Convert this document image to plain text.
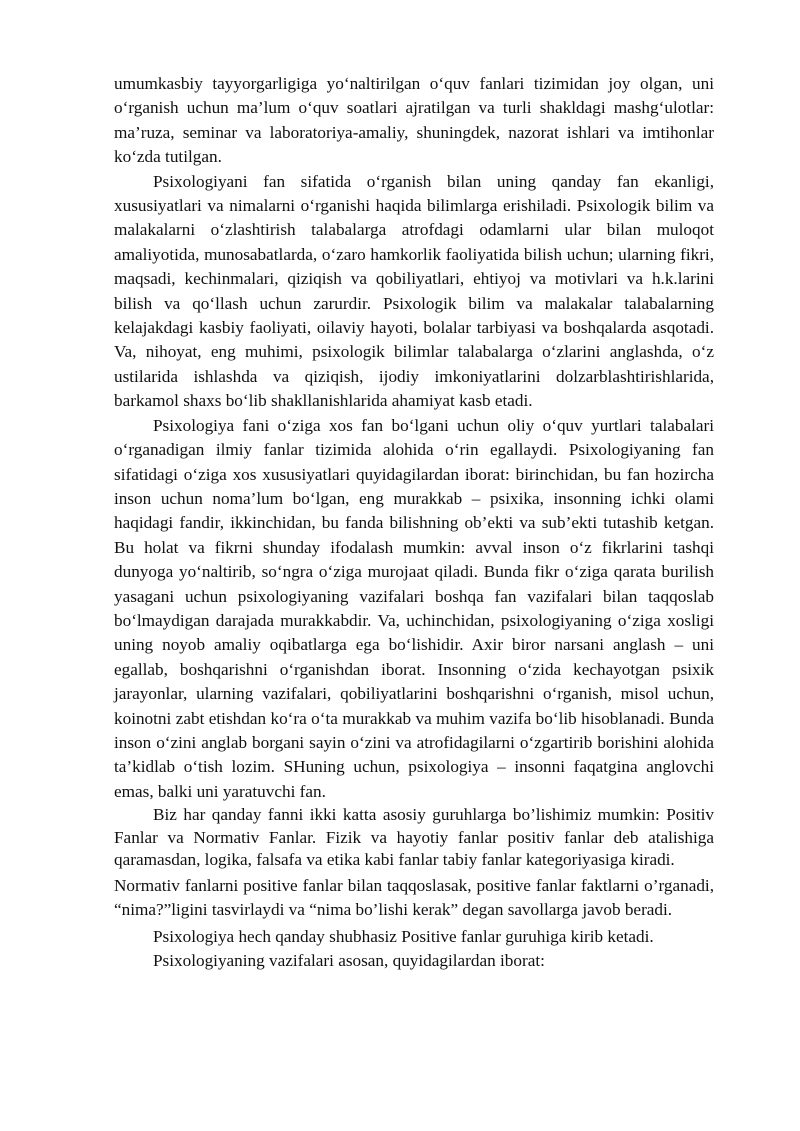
umumkasbiy tayyorgarligiga yo‘naltirilgan o‘quv fanlari tizimidan joy olgan, uni o‘rganish uchun ma’lum o‘quv soatlari ajratilgan va turli shakldagi mashg‘ulotlar: ma’ruza, seminar va laboratoriya-amaliy, shuningdek, nazorat ishlari va imtihonlar ko‘zda tutilgan.

Psixologiyani fan sifatida o‘rganish bilan uning qanday fan ekanligi, xususiyatlari va nimalarni o‘rganishi haqida bilimlarga erishiladi. Psixologik bilim va malakalarni o‘zlashtirish talabalarga atrofdagi odamlarni ular bilan muloqot amaliyotida, munosabatlarda, o‘zaro hamkorlik faoliyatida bilish uchun; ularning fikri, maqsadi, kechinmalari, qiziqish va qobiliyatlari, ehtiyoj va motivlari va h.k.larini bilish va qo‘llash uchun zarurdir. Psixologik bilim va malakalar talabalarning kelajakdagi kasbiy faoliyati, oilaviy hayoti, bolalar tarbiyasi va boshqalarda asqotadi. Va, nihoyat, eng muhimi, psixologik bilimlar talabalarga o‘zlarini anglashda, o‘z ustilarida ishlashda va qiziqish, ijodiy imkoniyatlarini dolzarblashtirishlarida, barkamol shaxs bo‘lib shakllanishlarida ahamiyat kasb etadi.

Psixologiya fani o‘ziga xos fan bo‘lgani uchun oliy o‘quv yurtlari talabalari o‘rganadigan ilmiy fanlar tizimida alohida o‘rin egallaydi. Psixologiyaning fan sifatidagi o‘ziga xos xususiyatlari quyidagilardan iborat: birinchidan, bu fan hozircha inson uchun noma’lum bo‘lgan, eng murakkab – psixika, insonning ichki olami haqidagi fandir, ikkinchidan, bu fanda bilishning ob’ekti va sub’ekti tutashib ketgan. Bu holat va fikrni shunday ifodalash mumkin: avval inson o‘z fikrlarini tashqi dunyoga yo‘naltirib, so‘ngra o‘ziga murojaat qiladi. Bunda fikr o‘ziga qarata burilish yasagani uchun psixologiyaning vazifalari boshqa fan vazifalari bilan taqqoslab bo‘lmaydigan darajada murakkabdir. Va, uchinchidan, psixologiyaning o‘ziga xosligi uning noyob amaliy oqibatlarga ega bo‘lishidir. Axir biror narsani anglash – uni egallab, boshqarishni o‘rganishdan iborat. Insonning o‘zida kechayotgan psixik jarayonlar, ularning vazifalari, qobiliyatlarini boshqarishni o‘rganish, misol uchun, koinotni zabt etishdan ko‘ra o‘ta murakkab va muhim vazifa bo‘lib hisoblanadi. Bunda inson o‘zini anglab borgani sayin o‘zini va atrofidagilarni o‘zgartirib borishini alohida ta’kidlab o‘tish lozim. SHuning uchun, psixologiya – insonni faqatgina anglovchi emas, balki uni yaratuvchi fan.

Biz har qanday fanni ikki katta asosiy guruhlarga bo’lishimiz mumkin: Positiv Fanlar va Normativ Fanlar. Fizik va hayotiy fanlar positiv fanlar deb atalishiga qaramasdan, logika, falsafa va etika kabi fanlar tabiy fanlar kategoriyasiga kiradi.

Normativ fanlarni positive fanlar bilan taqqoslasak, positive fanlar faktlarni o’rganadi, “nima?”ligini tasvirlaydi va “nima bo’lishi kerak” degan savollarga javob beradi.

Psixologiya hech qanday shubhasiz Positive fanlar guruhiga kirib ketadi.

Psixologiyaning vazifalari asosan, quyidagilardan iborat:
